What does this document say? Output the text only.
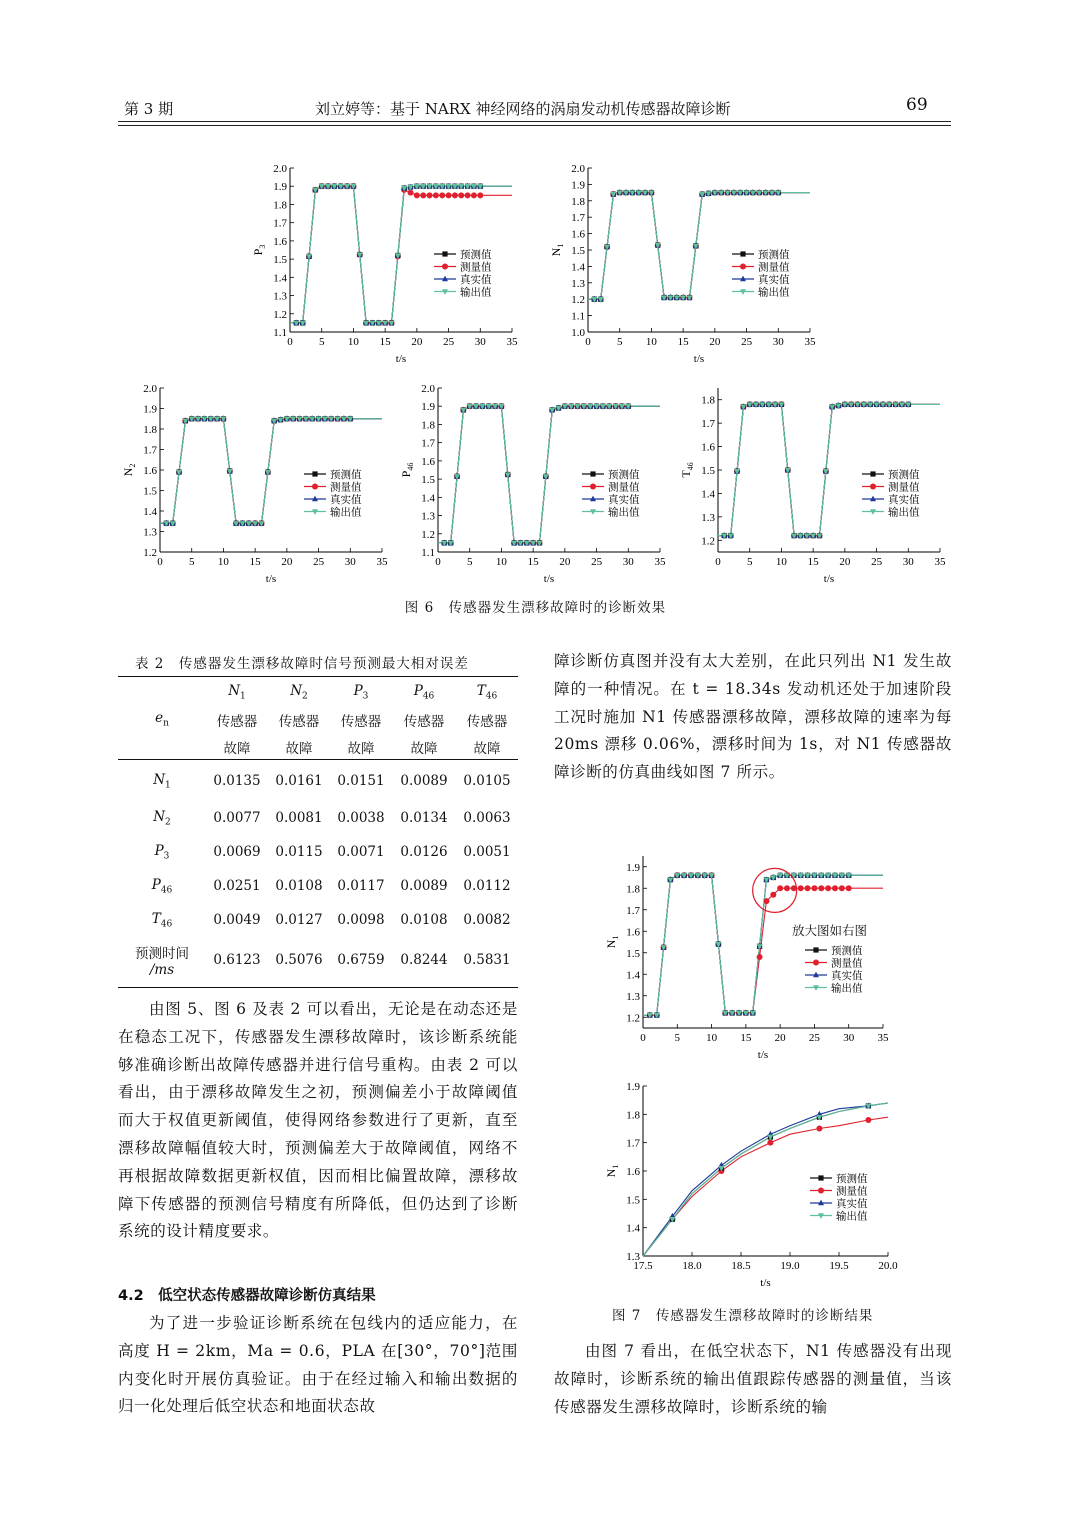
第 3 期	刘立婷等：基于 NARX 神经网络的涡扇发动机传感器故障诊断	69
1.1
1.2
1.3
1.4
1.5
1.6
1.7
1.8
1.9
2.0
0 5 10 15 20 25 30 35
t/s
$P_3$
预测值
测量值
真实值
输出值
1.0
1.1
1.2
1.3
1.4
1.5
1.6
1.7
1.8
1.9
2.0
0 5 10 15 20 25 30 35
t/s
$N_1$
预测值
测量值
真实值
输出值
1.2
1.3
1.4
1.5
1.6
1.7
1.8
1.9
2.0
0 5 10 15 20 25 30 35
t/s
$N_2$
预测值
测量值
真实值
输出值
1.1
1.2
1.3
1.4
1.5
1.6
1.7
1.8
1.9
2.0
0 5 10 15 20 25 30 35
t/s
$P_{46}$
预测值
测量值
真实值
输出值
1.2
1.3
1.4
1.5
1.6
1.7
1.8
0 5 10 15 20 25 30 35
t/s
$T_{46}$
预测值
测量值
真实值
输出值
图 6　传感器发生漂移故障时的诊断效果
表 2　传感器发生漂移故障时信号预测最大相对误差
$e_n$	$N_1$	$N_2$	$P_3$	$P_{46}$	$T_{46}$
	传感器	传感器	传感器	传感器	传感器
	故障	故障	故障	故障	故障
$N_1$	0.0135	0.0161	0.0151	0.0089	0.0105
$N_2$	0.0077	0.0081	0.0038	0.0134	0.0063
$P_3$	0.0069	0.0115	0.0071	0.0126	0.0051
$P_{46}$	0.0251	0.0108	0.0117	0.0089	0.0112
$T_{46}$	0.0049	0.0127	0.0098	0.0108	0.0082

预测时间
/ms	0.6123	0.5076	0.6759	0.8244	0.5831

由图 5、图 6 及表 2 可以看出，无论是在动态还是在稳态工况下，传感器发生漂移故障时，该诊断系统能够准确诊断出故障传感器并进行信号重构。由表 2 可以看出，由于漂移故障发生之初，预测偏差小于故障阈值而大于权值更新阈值，使得网络参数进行了更新，直至漂移故障幅值较大时，预测偏差大于故障阈值，网络不再根据故障数据更新权值，因而相比偏置故障，漂移故障下传感器的预测信号精度有所降低，但仍达到了诊断系统的设计精度要求。

4.2　低空状态传感器故障诊断仿真结果

为了进一步验证诊断系统在包线内的适应能力，在高度 H = 2km，Ma = 0.6，PLA 在[30°，70°]范围内变化时开展仿真验证。由于在经过输入和输出数据的归一化处理后低空状态和地面状态故

障诊断仿真图并没有太大差别，在此只列出 N1 发生故障的一种情况。在 t = 18.34s 发动机还处于加速阶段工况时施加 N1 传感器漂移故障，漂移故障的速率为每 20ms 漂移 0.06%，漂移时间为 1s，对 N1 传感器故障诊断的仿真曲线如图 7 所示。

1.2
1.3
1.4
1.5
1.6
1.7
1.8
1.9
0	5 10 15 20 25 30 35
t/s
$N_1$
预测值
测量值
真实值
输出值
放大图如右图
1.3
1.4
1.5
1.6
1.7
1.8
1.9
17.5	18.0	18.5	19.0	19.5	20.0
t/s
$N_1$
预测值
测量值
真实值
输出值
图 7　传感器发生漂移故障时的诊断结果

由图 7 看出，在低空状态下，N1 传感器没有出现故障时，诊断系统的输出值跟踪传感器的测量值，当该传感器发生漂移故障时，诊断系统的输
